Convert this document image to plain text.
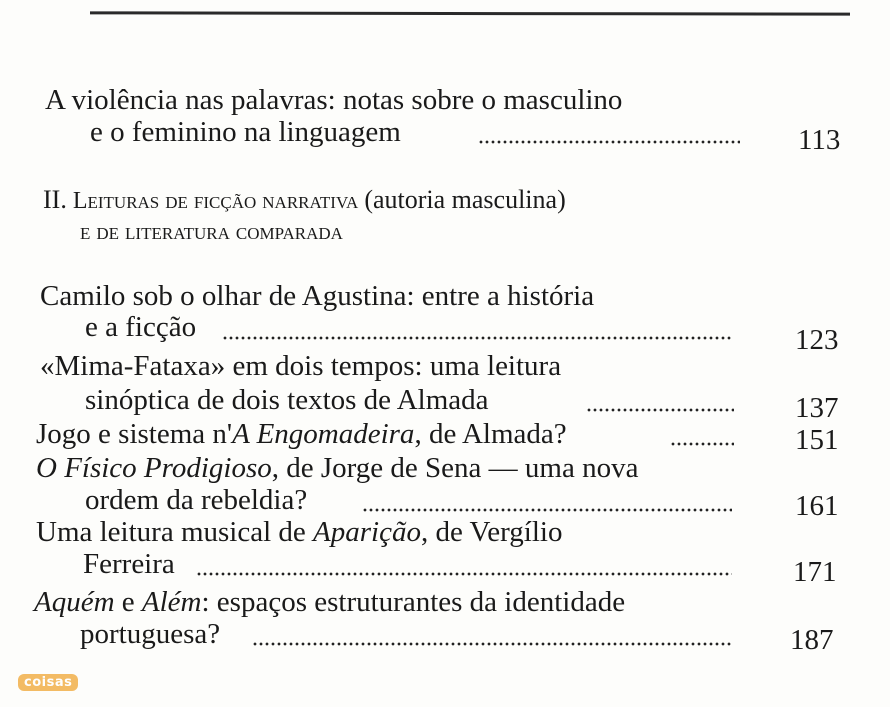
A violência nas palavras: notas sobre o masculino
e o feminino na linguagem	113
II. Leituras de ficção narrativa (autoria masculina)
e de literatura comparada
Camilo sob o olhar de Agustina: entre a história
e a ficção	123
«Mima-Fataxa» em dois tempos: uma leitura
sinóptica de dois textos de Almada	137
Jogo e sistema n'A Engomadeira, de Almada?	151
O Físico Prodigioso, de Jorge de Sena — uma nova
ordem da rebeldia?	161
Uma leitura musical de Aparição, de Vergílio
Ferreira	171
Aquém e Além: espaços estruturantes da identidade
portuguesa?	187
coisas
